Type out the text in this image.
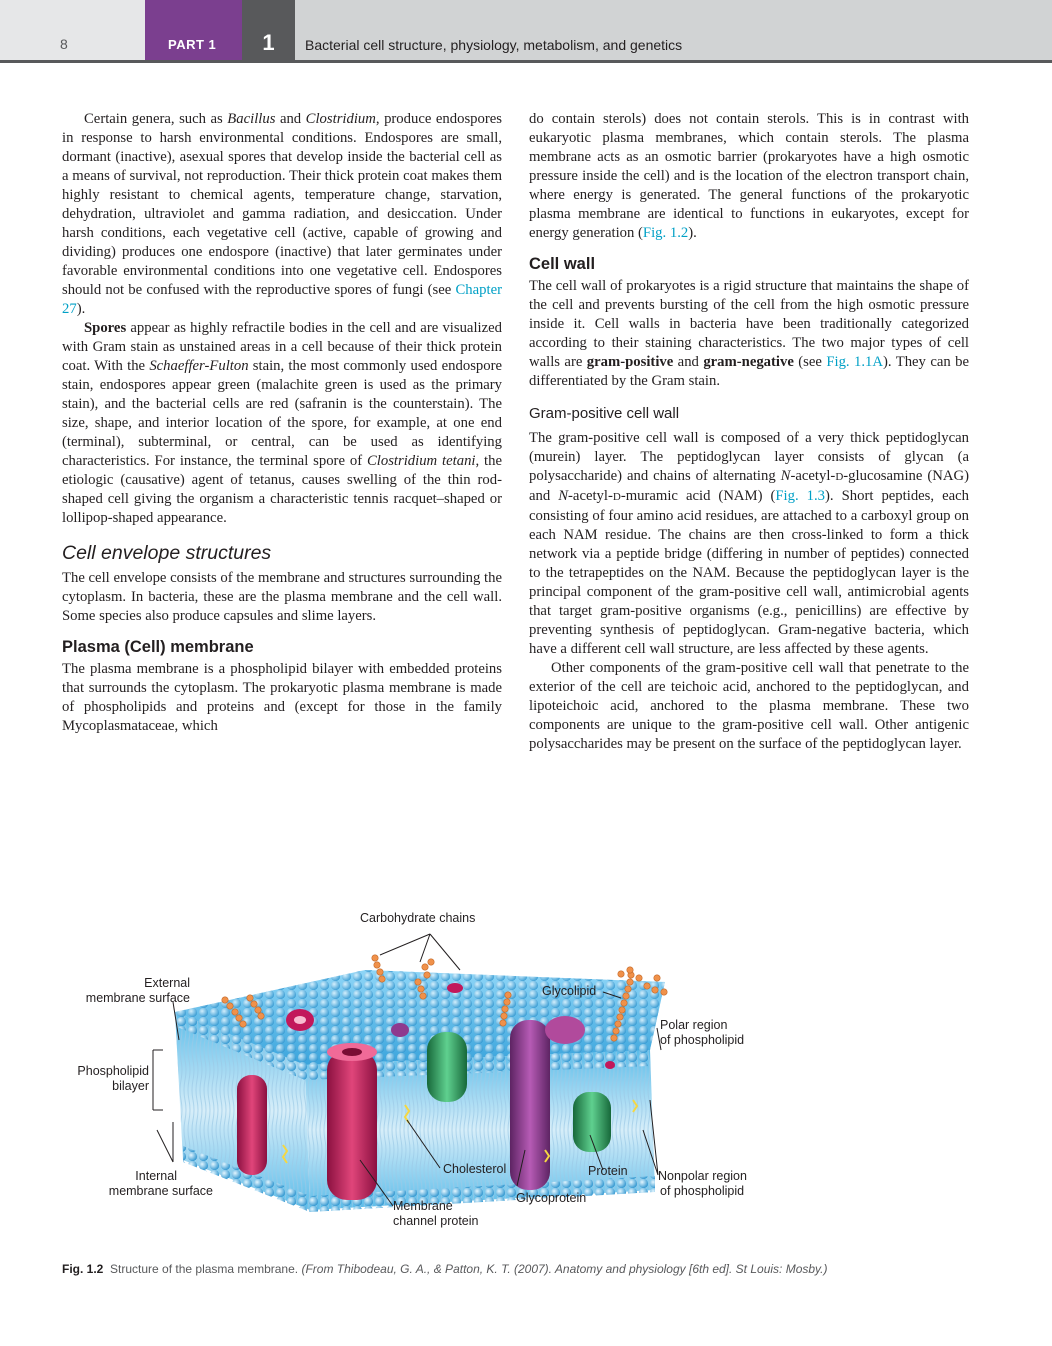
8	PART 1	1	Bacterial cell structure, physiology, metabolism, and genetics

Certain genera, such as Bacillus and Clostridium, produce endospores in response to harsh environmental conditions. Endospores are small, dormant (inactive), asexual spores that develop inside the bacterial cell as a means of survival, not reproduction. Their thick protein coat makes them highly resistant to chemical agents, temperature change, starvation, dehydration, ultraviolet and gamma radiation, and desiccation. Under harsh conditions, each vegetative cell (active, capable of growing and dividing) produces one endospore (inactive) that later germinates under favorable environmental conditions into one vegetative cell. Endospores should not be confused with the reproductive spores of fungi (see Chapter 27).

Spores appear as highly refractile bodies in the cell and are visualized with Gram stain as unstained areas in a cell because of their thick protein coat. With the Schaeffer-Fulton stain, the most commonly used endospore stain, endospores appear green (malachite green is used as the primary stain), and the bacterial cells are red (safranin is the counterstain). The size, shape, and interior location of the spore, for example, at one end (terminal), subterminal, or central, can be used as identifying characteristics. For instance, the terminal spore of Clostridium tetani, the etiologic (causative) agent of tetanus, causes swelling of the thin rod-shaped cell giving the organism a characteristic tennis racquet–shaped or lollipop-shaped appearance.

Cell envelope structures

The cell envelope consists of the membrane and structures surrounding the cytoplasm. In bacteria, these are the plasma membrane and the cell wall. Some species also produce capsules and slime layers.

Plasma (Cell) membrane

The plasma membrane is a phospholipid bilayer with embedded proteins that surrounds the cytoplasm. The prokaryotic plasma membrane is made of phospholipids and proteins and (except for those in the family Mycoplasmataceae, which

do contain sterols) does not contain sterols. This is in contrast with eukaryotic plasma membranes, which contain sterols. The plasma membrane acts as an osmotic barrier (prokaryotes have a high osmotic pressure inside the cell) and is the location of the electron transport chain, where energy is generated. The general functions of the prokaryotic plasma membrane are identical to functions in eukaryotes, except for energy generation (Fig. 1.2).

Cell wall

The cell wall of prokaryotes is a rigid structure that maintains the shape of the cell and prevents bursting of the cell from the high osmotic pressure inside it. Cell walls in bacteria have been traditionally categorized according to their staining characteristics. The two major types of cell walls are gram-positive and gram-negative (see Fig. 1.1A). They can be differentiated by the Gram stain.

Gram-positive cell wall

The gram-positive cell wall is composed of a very thick peptidoglycan (murein) layer. The peptidoglycan layer consists of glycan (a polysaccharide) and chains of alternating N-acetyl-D-glucosamine (NAG) and N-acetyl-D-muramic acid (NAM) (Fig. 1.3). Short peptides, each consisting of four amino acid residues, are attached to a carboxyl group on each NAM residue. The chains are then cross-linked to form a thick network via a peptide bridge (differing in number of peptides) connected to the tetrapeptides on the NAM. Because the peptidoglycan layer is the principal component of the gram-positive cell wall, antimicrobial agents that target gram-positive organisms (e.g., penicillins) are effective by preventing synthesis of peptidoglycan. Gram-negative bacteria, which have a different cell wall structure, are less affected by these agents.

Other components of the gram-positive cell wall that penetrate to the exterior of the cell are teichoic acid, anchored to the peptidoglycan, and lipoteichoic acid, anchored to the plasma membrane. These two components are unique to the gram-positive cell wall. Other antigenic polysaccharides may be present on the surface of the peptidoglycan layer.

Carbohydrate chains
External
membrane surface	Glycolipid
Polar region
of phospholipid
Phospholipid
bilayer
Internal
membrane surface
Cholesterol	Protein Nonpolar region
of phospholipid
Glycoprotein
Membrane
channel protein
Fig. 1.2 Structure of the plasma membrane. (From Thibodeau, G. A., & Patton, K. T. (2007). Anatomy and physiology [6th ed]. St Louis: Mosby.)
